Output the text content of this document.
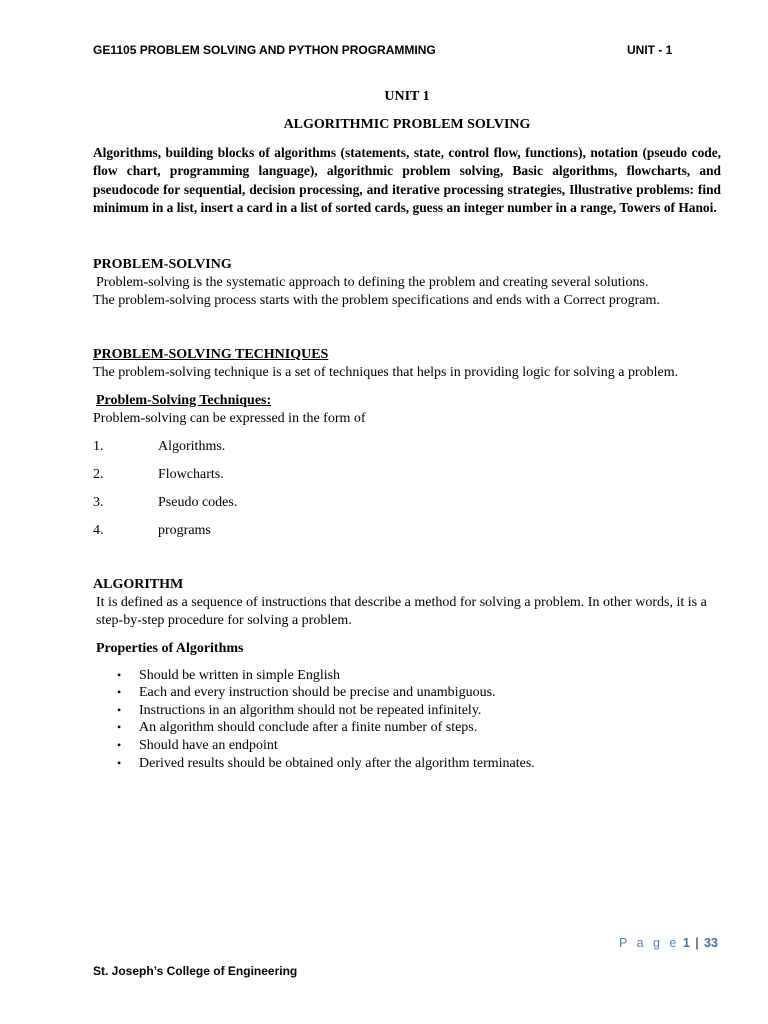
GE1105 PROBLEM SOLVING AND PYTHON PROGRAMMING	UNIT - 1
UNIT 1
ALGORITHMIC PROBLEM SOLVING
Algorithms, building blocks of algorithms (statements, state, control flow, functions), notation (pseudo code, flow chart, programming language), algorithmic problem solving, Basic algorithms, flowcharts, and pseudocode for sequential, decision processing, and iterative processing strategies, Illustrative problems: find minimum in a list, insert a card in a list of sorted cards, guess an integer number in a range, Towers of Hanoi.
PROBLEM-SOLVING

Problem-solving is the systematic approach to defining the problem and creating several solutions.

The problem-solving process starts with the problem specifications and ends with a Correct program.

PROBLEM-SOLVING TECHNIQUES

The problem-solving technique is a set of techniques that helps in providing logic for solving a problem.

Problem-Solving Techniques:

Problem-solving can be expressed in the form of

1.	Algorithms.
2.	Flowcharts.
3.	Pseudo codes.
4.	programs
ALGORITHM

It is defined as a sequence of instructions that describe a method for solving a problem. In other words, it is a step-by-step procedure for solving a problem.

Properties of Algorithms
• Should be written in simple English
• Each and every instruction should be precise and unambiguous.
• Instructions in an algorithm should not be repeated infinitely.
• An algorithm should conclude after a finite number of steps.
• Should have an endpoint
• Derived results should be obtained only after the algorithm terminates.
P a g e 1 | 33
St. Joseph’s College of Engineering
